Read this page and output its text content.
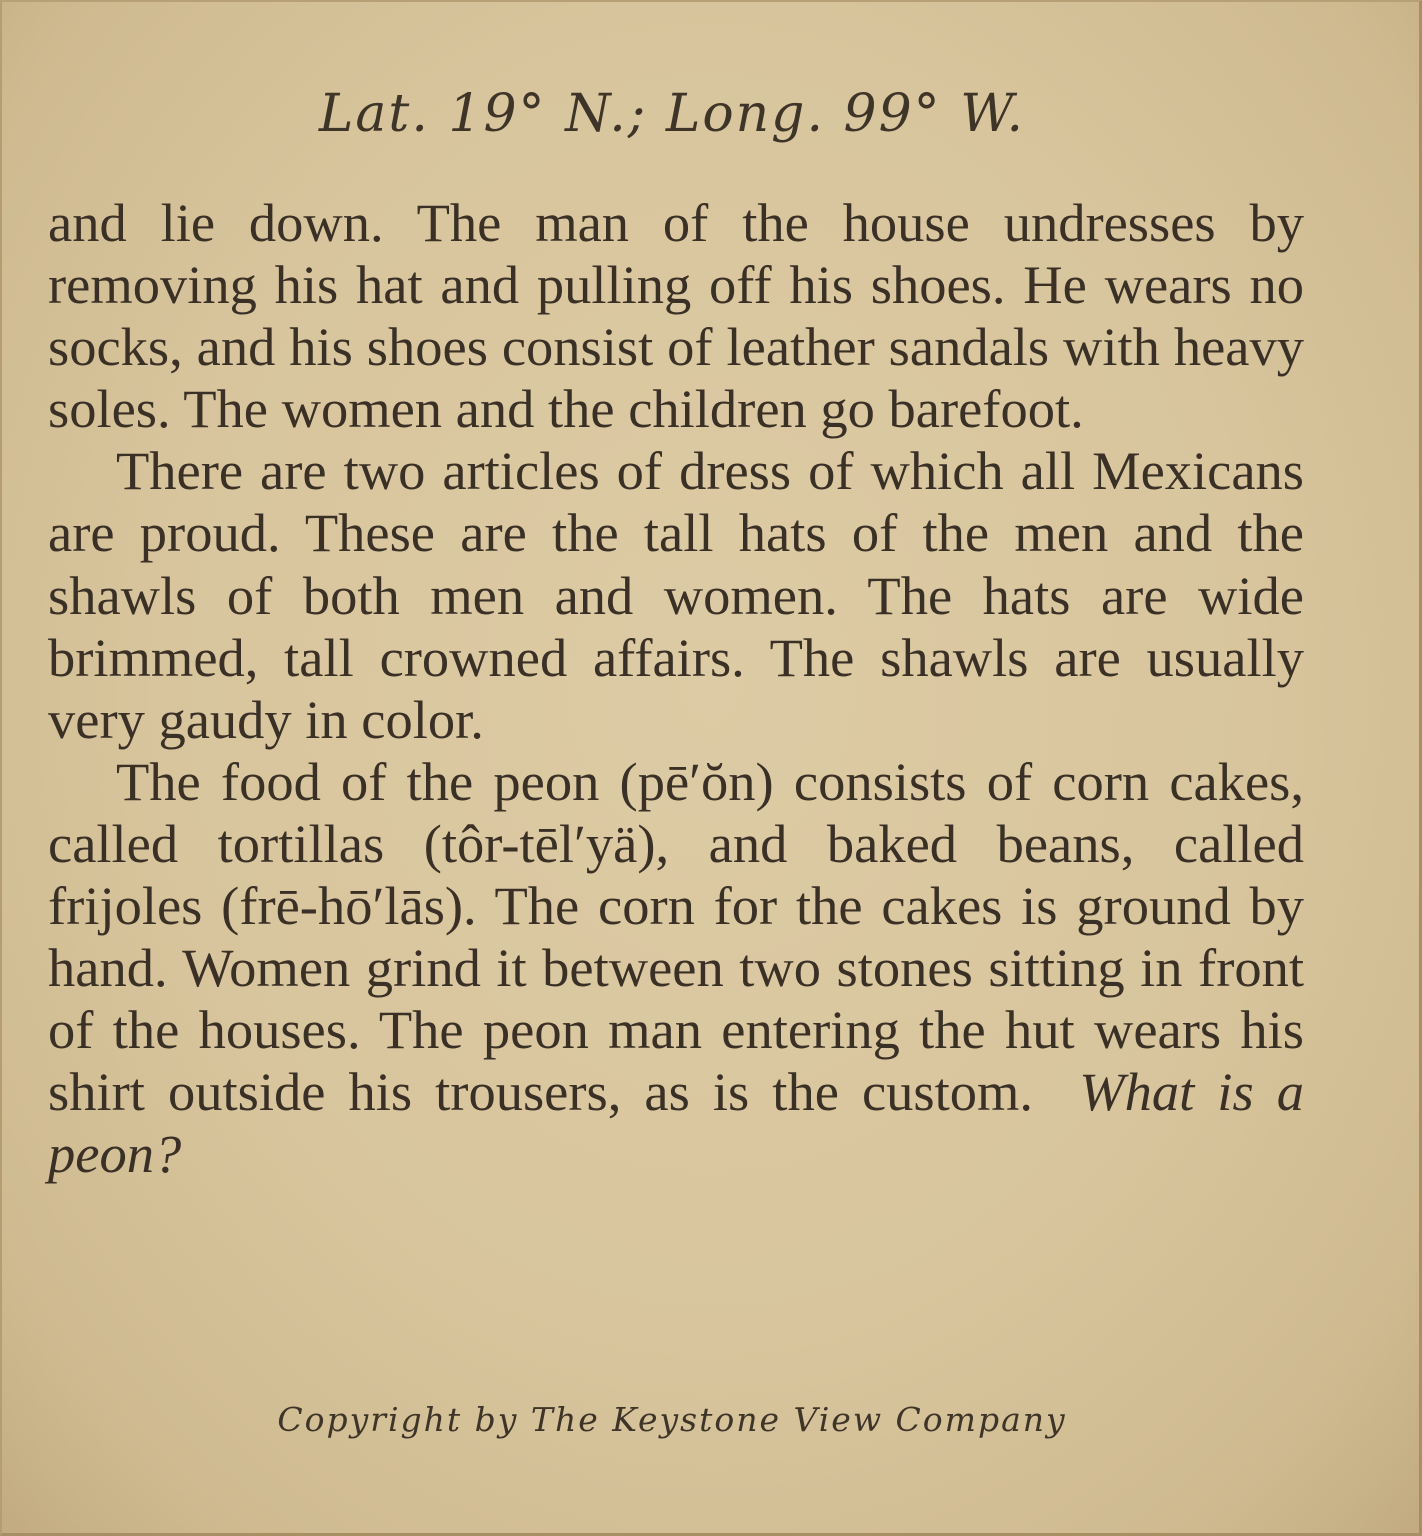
Lat. 19° N.; Long. 99° W.

and lie down. The man of the house undresses by removing his hat and pulling off his shoes. He wears no socks, and his shoes consist of leather sandals with heavy soles. The women and the children go barefoot.

There are two articles of dress of which all Mexicans are proud. These are the tall hats of the men and the shawls of both men and women. The hats are wide brimmed, tall crowned affairs. The shawls are usually very gaudy in color.

The food of the peon (pē′ŏn) consists of corn cakes, called tortillas (tôr-tēl′yä), and baked beans, called frijoles (frē-hō′lās). The corn for the cakes is ground by hand. Women grind it between two stones sitting in front of the houses. The peon man entering the hut wears his shirt outside his trousers, as is the custom. What is a peon?

Copyright by The Keystone View Company
